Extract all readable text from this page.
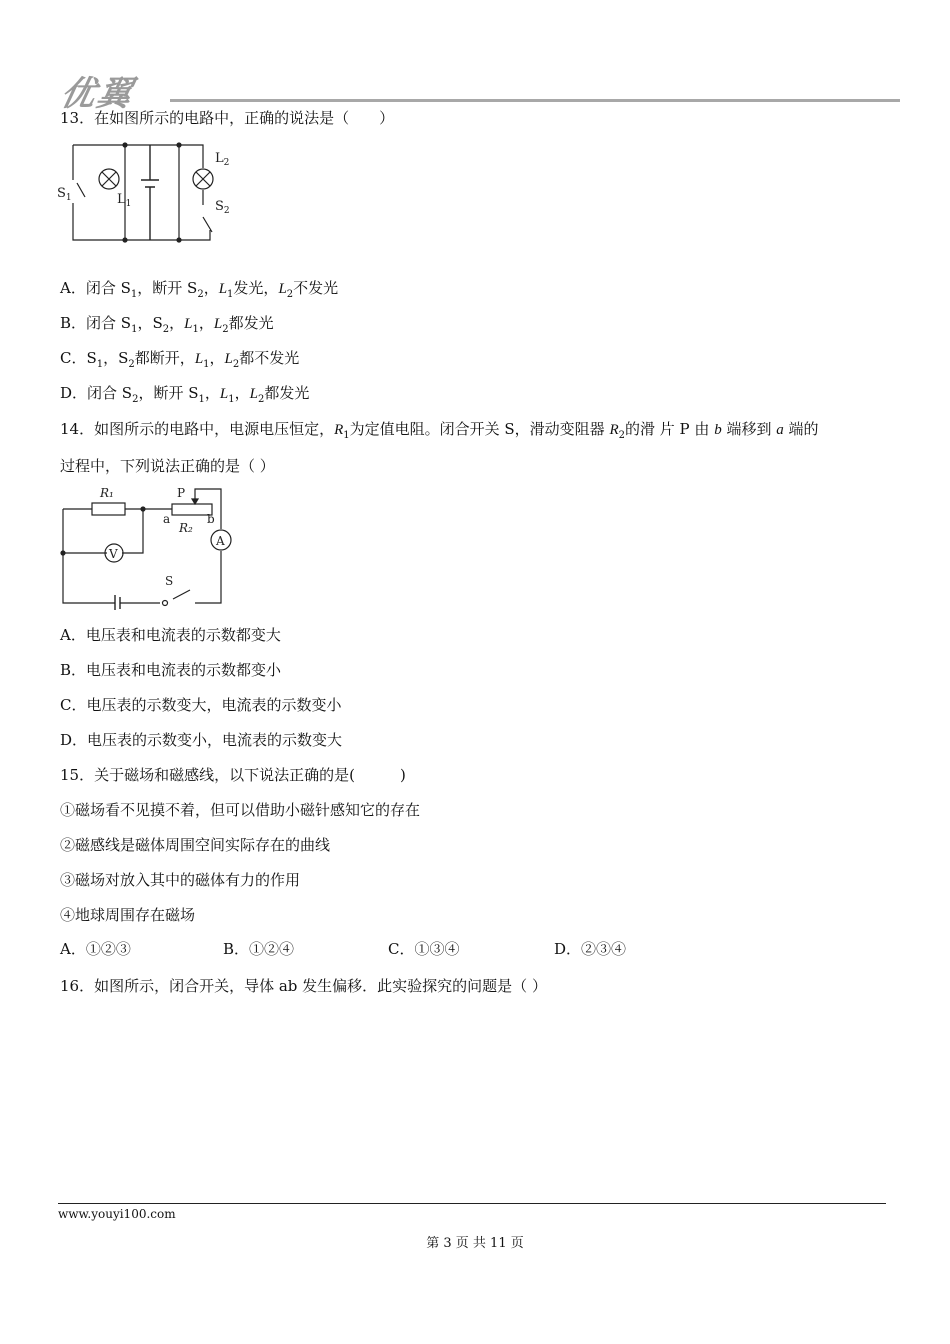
优翼
13．在如图所示的电路中，正确的说法是（　　）
A．闭合 $S_1$，断开 $S_2$，$L_1$发光，$L_2$不发光
B．闭合 $S_1$，$S_2$，$L_1$，$L_2$都发光
C．$S_1$，$S_2$都断开，$L_1$，$L_2$都不发光
D．闭合 $S_2$，断开 $S_1$，$L_1$，$L_2$都发光
14．如图所示的电路中，电源电压恒定，$R_1$为定值电阻。闭合开关 S，滑动变阻器 $R_2$的滑 片 P 由 b 端移到 a 端的
过程中，下列说法正确的是（ ）
A．电压表和电流表的示数都变大
B．电压表和电流表的示数都变小
C．电压表的示数变大，电流表的示数变小
D．电压表的示数变小，电流表的示数变大
15．关于磁场和磁感线，以下说法正确的是(　　　)
①磁场看不见摸不着，但可以借助小磁针感知它的存在
②磁感线是磁体周围空间实际存在的曲线
③磁场对放入其中的磁体有力的作用
④地球周围存在磁场
16．如图所示，闭合开关，导体 ab 发生偏移．此实验探究的问题是（ ）
$S_1$	$L_1$
$L_2$
$S_2$
R₁	P
a	b
R₂
V
A
S
A．①②③	B．①②④	C．①③④	D．②③④
www.youyi100.com
第 3 页 共 11 页
